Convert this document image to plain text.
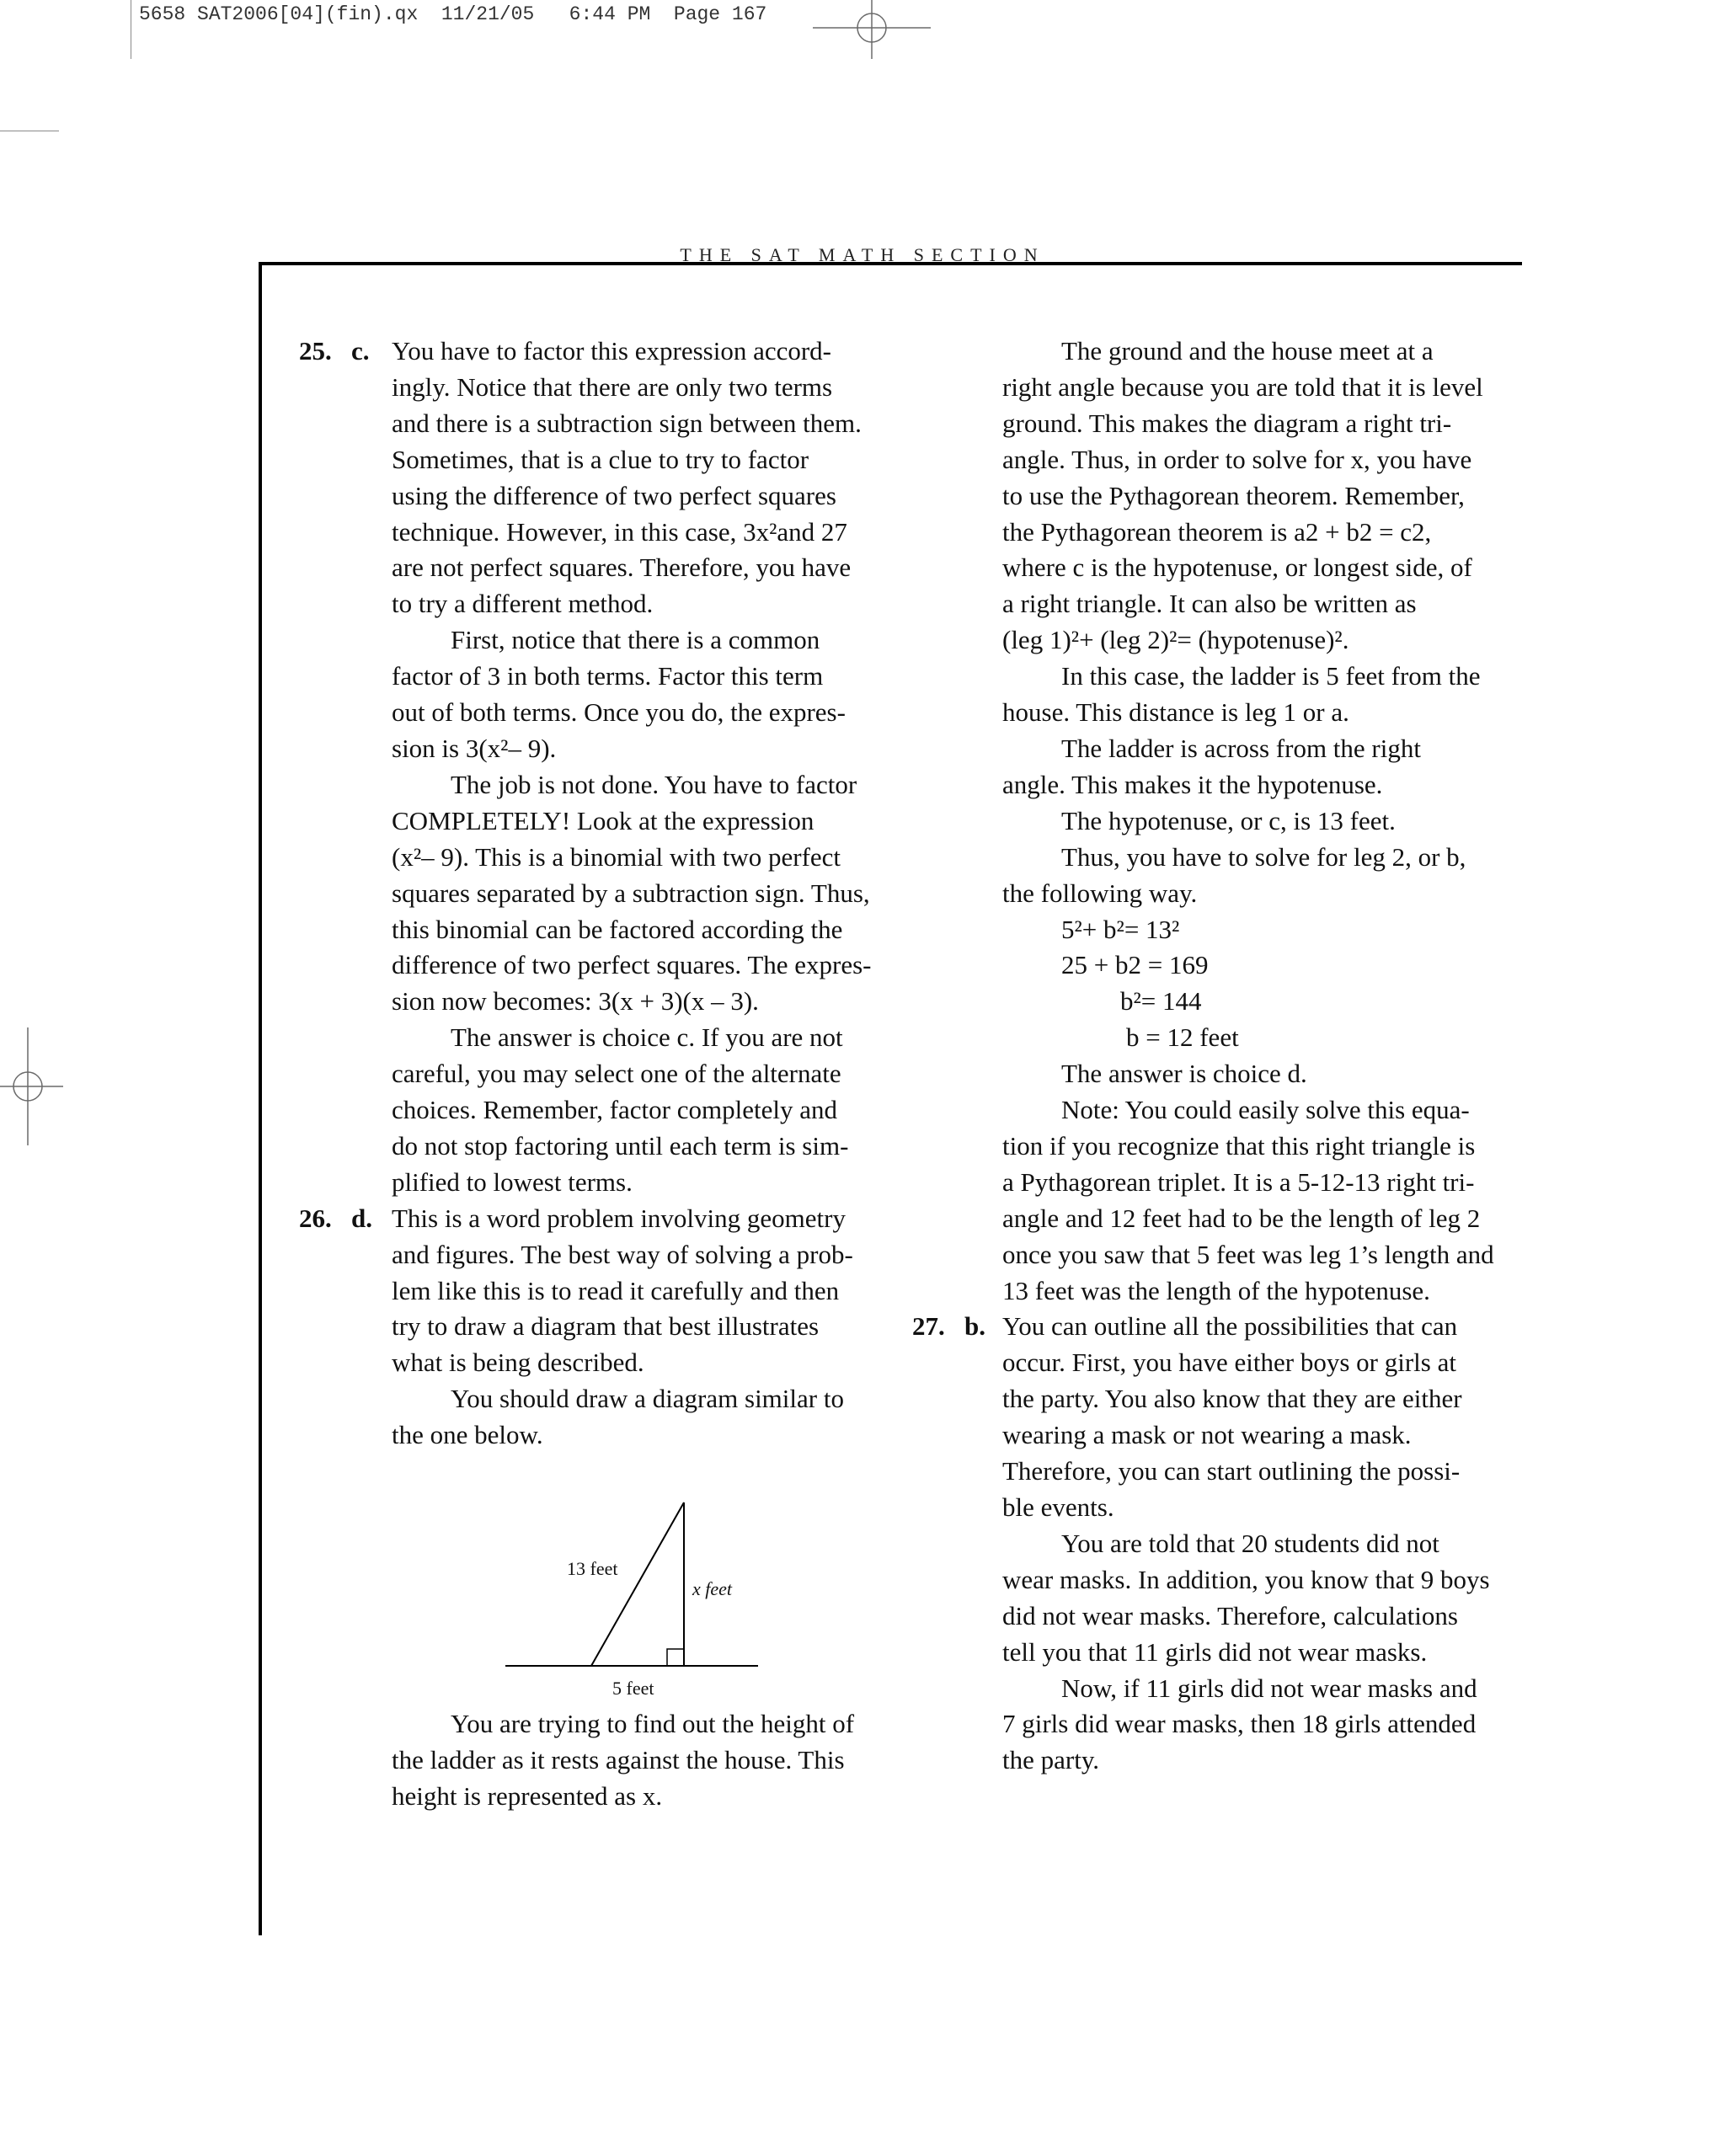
5658 SAT2006[04](fin).qx  11/21/05   6:44 PM  Page 167
THE SAT MATH SECTION
25. c. You have to factor this expression accord-
ingly. Notice that there are only two terms
and there is a subtraction sign between them.
Sometimes, that is a clue to try to factor
using the difference of two perfect squares
technique. However, in this case, 3x²and 27
are not perfect squares. Therefore, you have
to try a different method.
First, notice that there is a common
factor of 3 in both terms. Factor this term
out of both terms. Once you do, the expres-
sion is 3(x²– 9).
The job is not done. You have to factor
COMPLETELY! Look at the expression
(x²– 9). This is a binomial with two perfect
squares separated by a subtraction sign. Thus,
this binomial can be factored according the
difference of two perfect squares. The expres-
sion now becomes: 3(x + 3)(x – 3).
The answer is choice c. If you are not
careful, you may select one of the alternate
choices. Remember, factor completely and
do not stop factoring until each term is sim-
plified to lowest terms.
26. d. This is a word problem involving geometry
and figures. The best way of solving a prob-
lem like this is to read it carefully and then
try to draw a diagram that best illustrates
what is being described.
You should draw a diagram similar to
the one below.
13 feet
x feet
5 feet
You are trying to find out the height of
the ladder as it rests against the house. This
height is represented as x.
The ground and the house meet at a
right angle because you are told that it is level
ground. This makes the diagram a right tri-
angle. Thus, in order to solve for x, you have
to use the Pythagorean theorem. Remember,
the Pythagorean theorem is a2 + b2 = c2,
where c is the hypotenuse, or longest side, of
a right triangle. It can also be written as
(leg 1)²+ (leg 2)²= (hypotenuse)².
In this case, the ladder is 5 feet from the
house. This distance is leg 1 or a.
The ladder is across from the right
angle. This makes it the hypotenuse.
The hypotenuse, or c, is 13 feet.
Thus, you have to solve for leg 2, or b,
the following way.
5²+ b²= 13²
25 + b2 = 169
b²= 144
b = 12 feet
The answer is choice d.
Note: You could easily solve this equa-
tion if you recognize that this right triangle is
a Pythagorean triplet. It is a 5-12-13 right tri-
angle and 12 feet had to be the length of leg 2
once you saw that 5 feet was leg 1’s length and
13 feet was the length of the hypotenuse.
27. b. You can outline all the possibilities that can
occur. First, you have either boys or girls at
the party. You also know that they are either
wearing a mask or not wearing a mask.
Therefore, you can start outlining the possi-
ble events.
You are told that 20 students did not
wear masks. In addition, you know that 9 boys
did not wear masks. Therefore, calculations
tell you that 11 girls did not wear masks.
Now, if 11 girls did not wear masks and
7 girls did wear masks, then 18 girls attended
the party.
